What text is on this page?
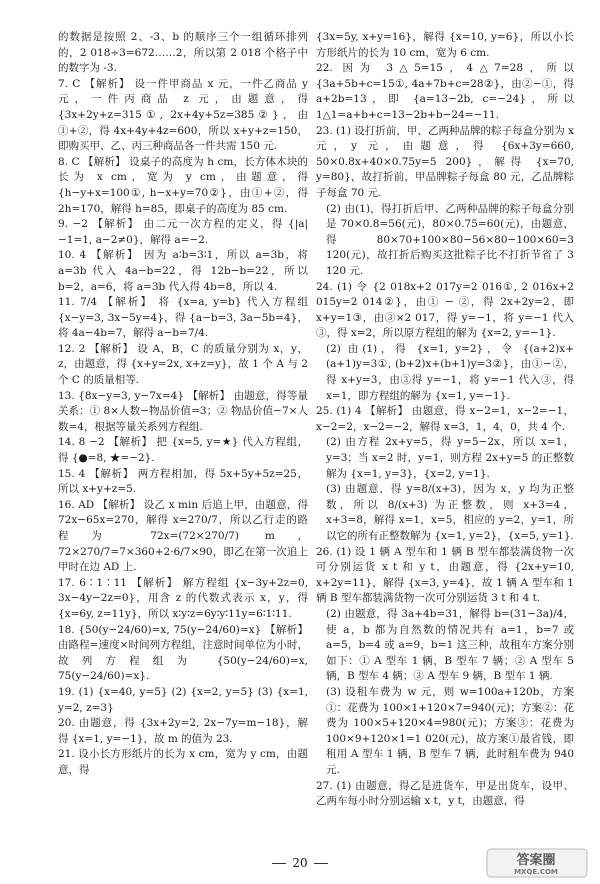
的数据是按照 2、-3、b 的顺序三个一组循环排列的，2 018÷3=672……2，所以第 2 018 个格子中的数字为 -3.

7. C 【解析】 设一件甲商品 x 元，一件乙商品 y 元，一件丙商品 z 元，由题意，得 {3x+2y+z=315①, 2x+4y+5z=385②}，由①+②，得 4x+4y+4z=600，所以 x+y+z=150，即购买甲、乙、丙三种商品各一件共需 150 元.

8. C 【解析】 设桌子的高度为 h cm，长方体木块的长为 x cm，宽为 y cm，由题意，得 {h−y+x=100①, h−x+y=70②}，由①+②，得 2h=170，解得 h=85，即桌子的高度为 85 cm.

9. −2 【解析】 由二元一次方程的定义，得 {|a|−1=1, a−2≠0}，解得 a=−2.

10. 4 【解析】 因为 a∶b=3∶1，所以 a=3b，将 a=3b 代入 4a−b=22，得 12b−b=22，所以 b=2，a=6，将 a=3b 代入得 4b=8，所以 4.

11. 7/4 【解析】 将 {x=a, y=b} 代入方程组 {x−y=3, 3x−5y=4}，得 {a−b=3, 3a−5b=4}，将 4a−4b=7，解得 a−b=7/4.

12. 2 【解析】 设 A，B，C 的质量分别为 x，y，z，由题意，得 {x+y=2x, x+z=y}，故 1 个 A 与 2 个 C 的质量相等.

13. {8x−y=3, y−7x=4} 【解析】 由题意，得等量关系：① 8×人数−物品价值=3；② 物品价值−7×人数=4，根据等量关系列方程组.

14. 8 −2 【解析】 把 {x=5, y=★} 代入方程组，得 {●=8, ★=−2}.

15. 4 【解析】 两方程相加，得 5x+5y+5z=25，所以 x+y+z=5.

16. AD 【解析】 设乙 x min 后追上甲，由题意，得 72x−65x=270，解得 x=270/7，所以乙行走的路程为 72x=(72×270/7) m，72×270/7=7×360+2·6/7×90，即乙在第一次追上甲时在边 AD 上.

17. 6∶1∶11 【解析】 解方程组 {x−3y+2z=0, 3x−4y−2z=0}，用含 z 的代数式表示 x，y，得 {x=6y, z=11y}，所以 x∶y∶z=6y∶y∶11y=6∶1∶11.

18. {50(y−24/60)=x, 75(y−24/60)=x} 【解析】 由路程=速度×时间列方程组，注意时间单位为小时，故列方程组为 {50(y−24/60)=x, 75(y−24/60)=x}.

19. (1) {x=40, y=5} (2) {x=2, y=5} (3) {x=1, y=2, z=3}

20. 由题意，得 {3x+2y=2, 2x−7y=m−18}，解得 {x=1, y=−1}，故 m 的值为 23.

21. 设小长方形纸片的长为 x cm，宽为 y cm，由题意，得

{3x=5y, x+y=16}，解得 {x=10, y=6}，所以小长方形纸片的长为 10 cm，宽为 6 cm.

22. 因为 3△5=15，4△7=28，所以 {3a+5b+c=15①, 4a+7b+c=28②}，由②−①，得 a+2b=13，即 {a=13−2b, c=−24}，所以 1△1=a+b+c=13−2b+b−24=−11.

23. (1) 设打折前，甲、乙两种品牌的粽子每盒分别为 x 元，y 元，由题意，得 {6x+3y=660, 50×0.8x+40×0.75y=5 200}，解得 {x=70, y=80}，故打折前，甲品牌粽子每盒 80 元，乙品牌粽子每盒 70 元.

(2) 由(1)，得打折后甲、乙两种品牌的粽子每盒分别是 70×0.8=56(元)，80×0.75=60(元)，由题意，得 80×70+100×80−56×80−100×60=3 120(元)，故打折后购买这批粽子比不打折节省了 3 120 元.

24. (1) 令 {2 018x+2 017y=2 016①, 2 016x+2 015y=2 014②}，由① − ②，得 2x+2y=2，即 x+y=1③，由③×2 017，得 y=−1，将 y=−1 代入③，得 x=2，所以原方程组的解为 {x=2, y=−1}.

(2) 由(1)，得 {x=1, y=2}，令 {(a+2)x+(a+1)y=3①, (b+2)x+(b+1)y=3②}，由①−②，得 x+y=3，由③得 y=−1，将 y=−1 代入③，得 x=1，即方程组的解为 {x=1, y=−1}.

25. (1) 4 【解析】 由题意，得 x−2=1，x−2=−1，x−2=2，x−2=−2，解得 x=3，1，4，0，共 4 个.

(2) 由方程 2x+y=5，得 y=5−2x，所以 x=1，y=3；当 x=2 时，y=1，则方程 2x+y=5 的正整数解为 {x=1, y=3}，{x=2, y=1}.

(3) 由题意，得 y=8/(x+3)，因为 x，y 均为正整数，所以 8/(x+3) 为正整数，则 x+3=4，x+3=8，解得 x=1，x=5，相应的 y=2，y=1，所以它的所有正整数解为 {x=1, y=2}，{x=5, y=1}.

26. (1) 设 1 辆 A 型车和 1 辆 B 型车都装满货物一次可分别运货 x t 和 y t，由题意，得 {2x+y=10, x+2y=11}，解得 {x=3, y=4}，故 1 辆 A 型车和 1 辆 B 型车都装满货物一次可分别运货 3 t 和 4 t.

(2) 由题意，得 3a+4b=31，解得 b=(31−3a)/4，使 a，b 都为自然数的情况共有 a=1，b=7 或 a=5，b=4 或 a=9，b=1 这三种，故租车方案分别如下：① A 型车 1 辆，B 型车 7 辆；② A 型车 5 辆，B 型车 4 辆；③ A 型车 9 辆，B 型车 1 辆.

(3) 设租车费为 w 元，则 w=100a+120b，方案①：花费为 100×1+120×7=940(元)；方案②：花费为 100×5+120×4=980(元)；方案③：花费为 100×9+120×1=1 020(元)，故方案①最省钱，即租用 A 型车 1 辆，B 型车 7 辆，此时租车费为 940 元.

27. (1) 由题意，得乙是进货车，甲是出货车，设甲、乙两车每小时分别运输 x t，y t，由题意，得

20	答案圈
MXQE.COM
